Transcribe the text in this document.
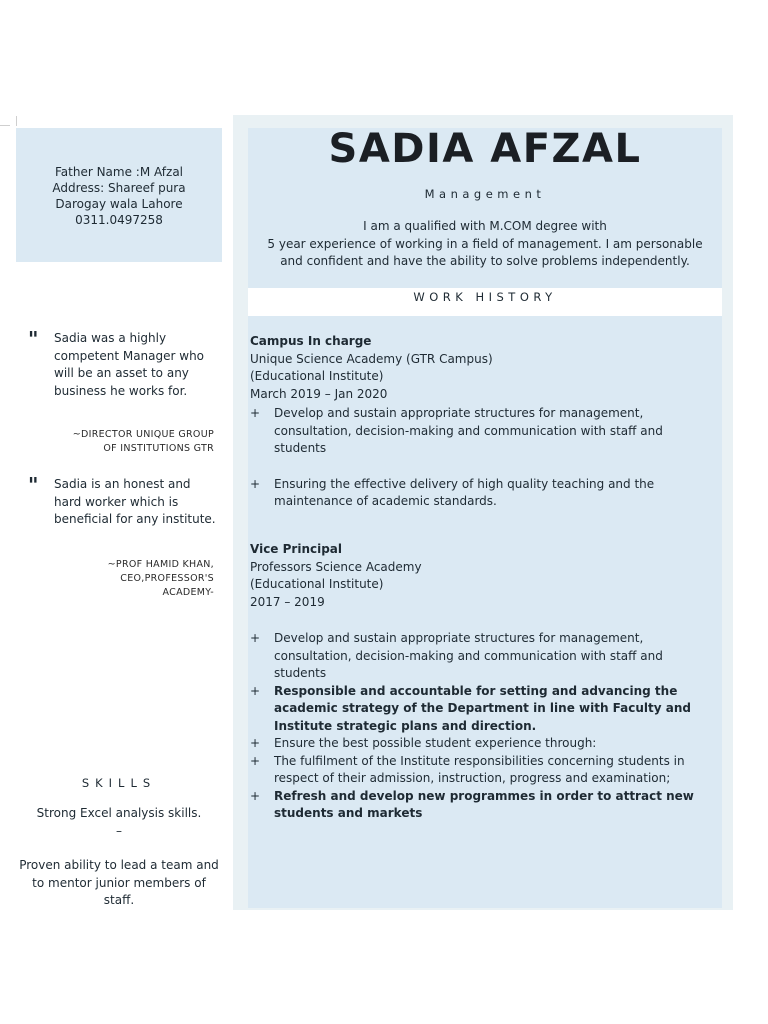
Father Name :M Afzal
Address: Shareef pura
Darogay wala Lahore
0311.0497258
" Sadia was a highly competent Manager who will be an asset to any business he works for.
~DIRECTOR UNIQUE GROUP
OF INSTITUTIONS GTR
" Sadia is an honest and hard worker which is beneficial for any institute.
~PROF HAMID KHAN,
CEO,PROFESSOR'S
ACADEMY-
SKILLS

Strong Excel analysis skills.

–

Proven ability to lead a team and to mentor junior members of staff.

SADIA AFZAL
Management
I am a qualified with M.COM degree with
5 year experience of working in a field of management. I am personable
and confident and have the ability to solve problems independently.
WORK HISTORY
Campus In charge
Unique Science Academy (GTR Campus)
(Educational Institute)
March 2019 – Jan 2020
+ Develop and sustain appropriate structures for management, consultation, decision-making and communication with staff and students
+ Ensuring the effective delivery of high quality teaching and the maintenance of academic standards.
Vice Principal
Professors Science Academy
(Educational Institute)
2017 – 2019
+ Develop and sustain appropriate structures for management, consultation, decision-making and communication with staff and students
+ Responsible and accountable for setting and advancing the academic strategy of the Department in line with Faculty and Institute strategic plans and direction.
+ Ensure the best possible student experience through:
+ The fulfilment of the Institute responsibilities concerning students in respect of their admission, instruction, progress and examination;
+ Refresh and develop new programmes in order to attract new students and markets
